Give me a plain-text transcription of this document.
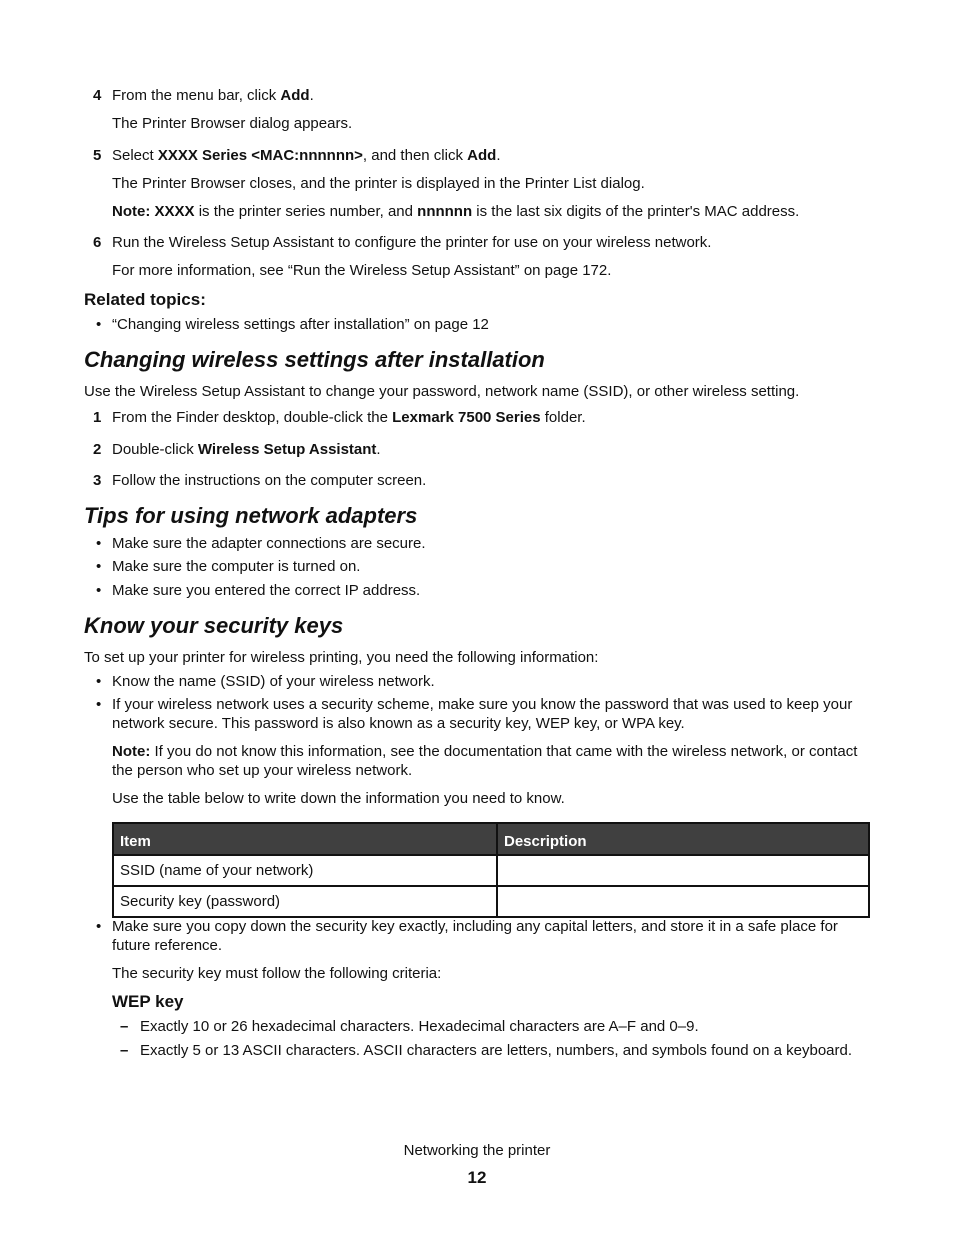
4 From the menu bar, click Add.
The Printer Browser dialog appears.
5 Select XXXX Series <MAC:nnnnnn>, and then click Add.
The Printer Browser closes, and the printer is displayed in the Printer List dialog.
Note: XXXX is the printer series number, and nnnnnn is the last six digits of the printer's MAC address.
6 Run the Wireless Setup Assistant to configure the printer for use on your wireless network.
For more information, see “Run the Wireless Setup Assistant” on page 172.
Related topics:
•
“Changing wireless settings after installation” on page 12
Changing wireless settings after installation
Use the Wireless Setup Assistant to change your password, network name (SSID), or other wireless setting.
1 From the Finder desktop, double-click the Lexmark 7500 Series folder.
2 Double-click Wireless Setup Assistant.
3 Follow the instructions on the computer screen.
Tips for using network adapters
•
Make sure the adapter connections are secure.
•
Make sure the computer is turned on.
•
Make sure you entered the correct IP address.
Know your security keys
To set up your printer for wireless printing, you need the following information:
•
Know the name (SSID) of your wireless network.
•
If your wireless network uses a security scheme, make sure you know the password that was used to keep your network secure. This password is also known as a security key, WEP key, or WPA key.
Note: If you do not know this information, see the documentation that came with the wireless network, or contact the person who set up your wireless network.
Use the table below to write down the information you need to know.
Item	Description
SSID (name of your network)	
Security key (password)	
•
Make sure you copy down the security key exactly, including any capital letters, and store it in a safe place for future reference.
The security key must follow the following criteria:
WEP key
–
Exactly 10 or 26 hexadecimal characters. Hexadecimal characters are A–F and 0–9.
–
Exactly 5 or 13 ASCII characters. ASCII characters are letters, numbers, and symbols found on a keyboard.
Networking the printer
12
